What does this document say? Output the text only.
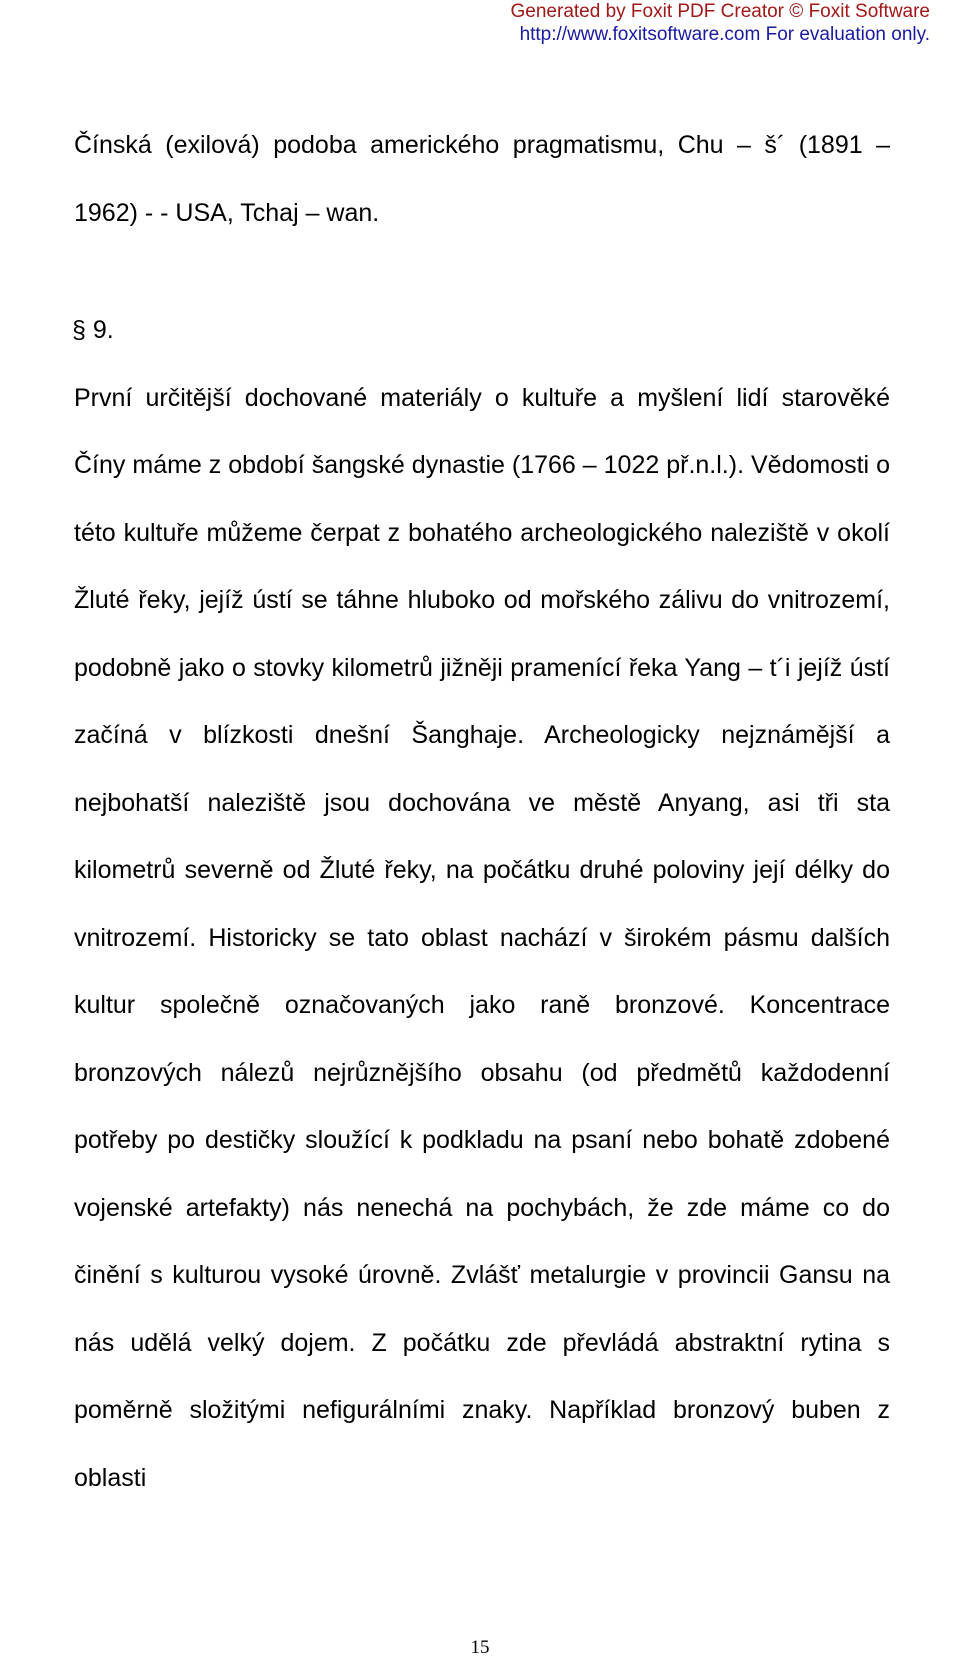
Generated by Foxit PDF Creator © Foxit Software
http://www.foxitsoftware.com For evaluation only.

Čínská (exilová) podoba amerického pragmatismu, Chu – š´ (1891 – 1962) - - USA, Tchaj – wan.

§ 9.

První určitější dochované materiály o kultuře a myšlení lidí starověké Číny máme z období šangské dynastie (1766 – 1022 př.n.l.). Vědomosti o této kultuře můžeme čerpat z bohatého archeologického naleziště v okolí Žluté řeky, jejíž ústí se táhne hluboko od mořského zálivu do vnitrozemí, podobně jako o stovky kilometrů jižněji pramenící řeka Yang – t´i jejíž ústí začíná v blízkosti dnešní Šanghaje. Archeologicky nejznámější a nejbohatší naleziště jsou dochována ve městě Anyang, asi tři sta kilometrů severně od Žluté řeky, na počátku druhé poloviny její délky do vnitrozemí. Historicky se tato oblast nachází v širokém pásmu dalších kultur společně označovaných jako raně bronzové. Koncentrace bronzových nálezů nejrůznějšího obsahu (od předmětů každodenní potřeby po destičky sloužící k podkladu na psaní nebo bohatě zdobené vojenské artefakty) nás nenechá na pochybách, že zde máme co do činění s kulturou vysoké úrovně. Zvlášť metalurgie v provincii Gansu na nás udělá velký dojem. Z počátku zde převládá abstraktní rytina s poměrně složitými nefigurálními znaky. Například bronzový buben z oblasti

15
